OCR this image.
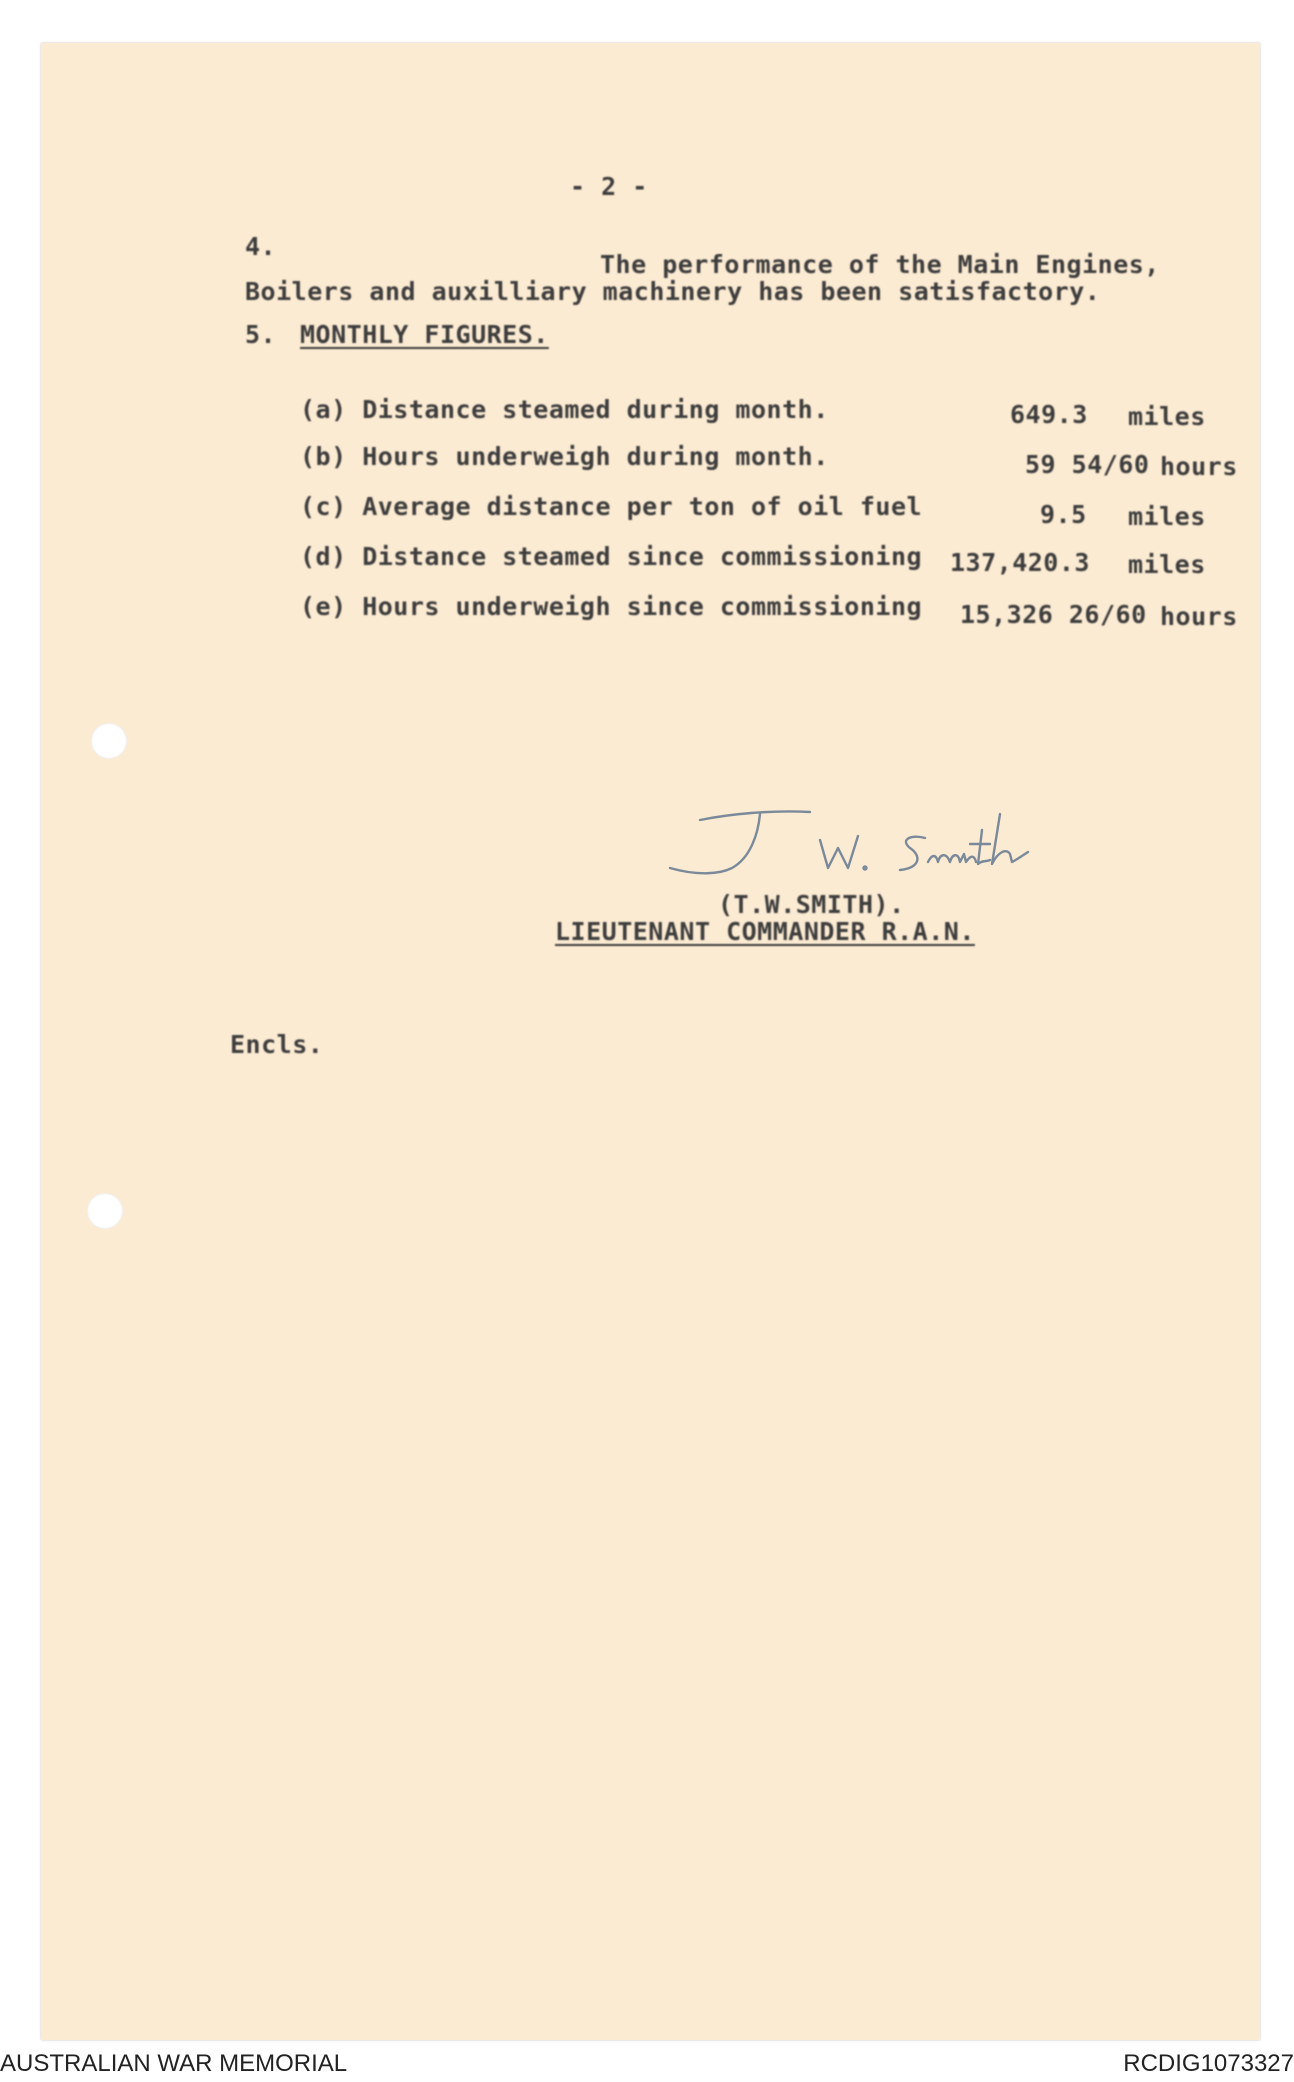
- 2 -
4.
The performance of the Main Engines,
Boilers and auxilliary machinery has been satisfactory.
5. MONTHLY FIGURES.
(a) Distance steamed during month.	649.3 miles
(b) Hours underweigh during month.	59 54/60 hours
(c) Average distance per ton of oil fuel	9.5 miles
(d) Distance steamed since commissioning 137,420.3 miles
(e) Hours underweigh since commissioning 15,326 26/60 hours
T. W. Smith
(T.W.SMITH).
LIEUTENANT COMMANDER R.A.N.
Encls.
AUSTRALIAN WAR MEMORIAL	RCDIG1073327
